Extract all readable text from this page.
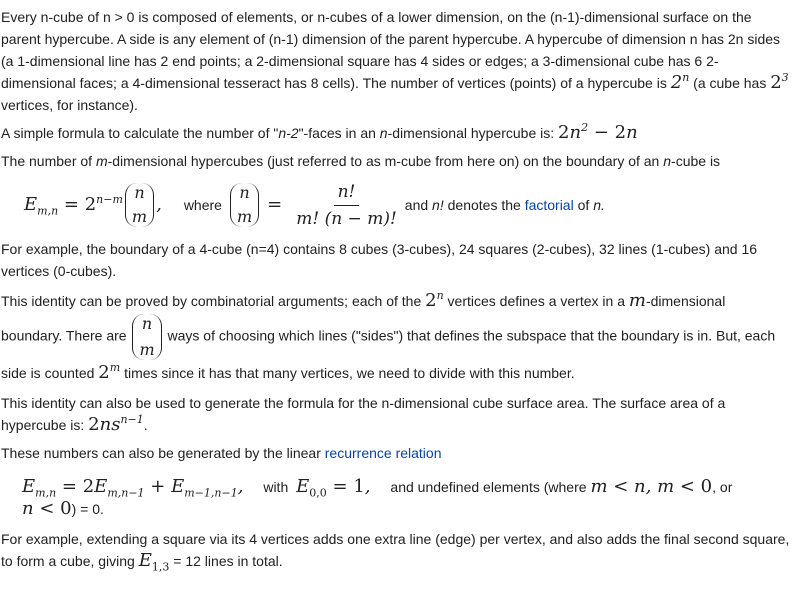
Every n-cube of n > 0 is composed of elements, or n-cubes of a lower dimension, on the (n-1)-dimensional surface on the parent hypercube. A side is any element of (n-1) dimension of the parent hypercube. A hypercube of dimension n has 2n sides (a 1-dimensional line has 2 end points; a 2-dimensional square has 4 sides or edges; a 3-dimensional cube has 6 2-dimensional faces; a 4-dimensional tesseract has 8 cells). The number of vertices (points) of a hypercube is 2$^n$ (a cube has $2^3$ vertices, for instance).

A simple formula to calculate the number of "n-2"-faces in an n-dimensional hypercube is: $2n^2 - 2n$

The number of m-dimensional hypercubes (just referred to as m-cube from here on) on the boundary of an n-cube is

$E_{m,n} = 2^{n-m}$ n
m
, where
n
m
= $\frac{n!}{m! (n - m)!}$ and n! denotes the factorial of n.

For example, the boundary of a 4-cube (n=4) contains 8 cubes (3-cubes), 24 squares (2-cubes), 32 lines (1-cubes) and 16 vertices (0-cubes).

This identity can be proved by combinatorial arguments; each of the 2$^n$ vertices defines a vertex in a m-dimensional boundary. There are
n
m
ways of choosing which lines ("sides") that defines the subspace that the boundary is in. But, each side is counted 2$^m$ times since it has that many vertices, we need to divide with this number.

This identity can also be used to generate the formula for the n-dimensional cube surface area. The surface area of a hypercube is: $2ns^{n-1}$.

These numbers can also be generated by the linear recurrence relation

$E_{m,n} = 2E_{m,n-1} + E_{m-1,n-1}$, with $E_{0,0} = 1$, and undefined elements (where m < n, m < 0, or
n < 0) = 0.

For example, extending a square via its 4 vertices adds one extra line (edge) per vertex, and also adds the final second square, to form a cube, giving $E_{1,3} = 12$ lines in total.
